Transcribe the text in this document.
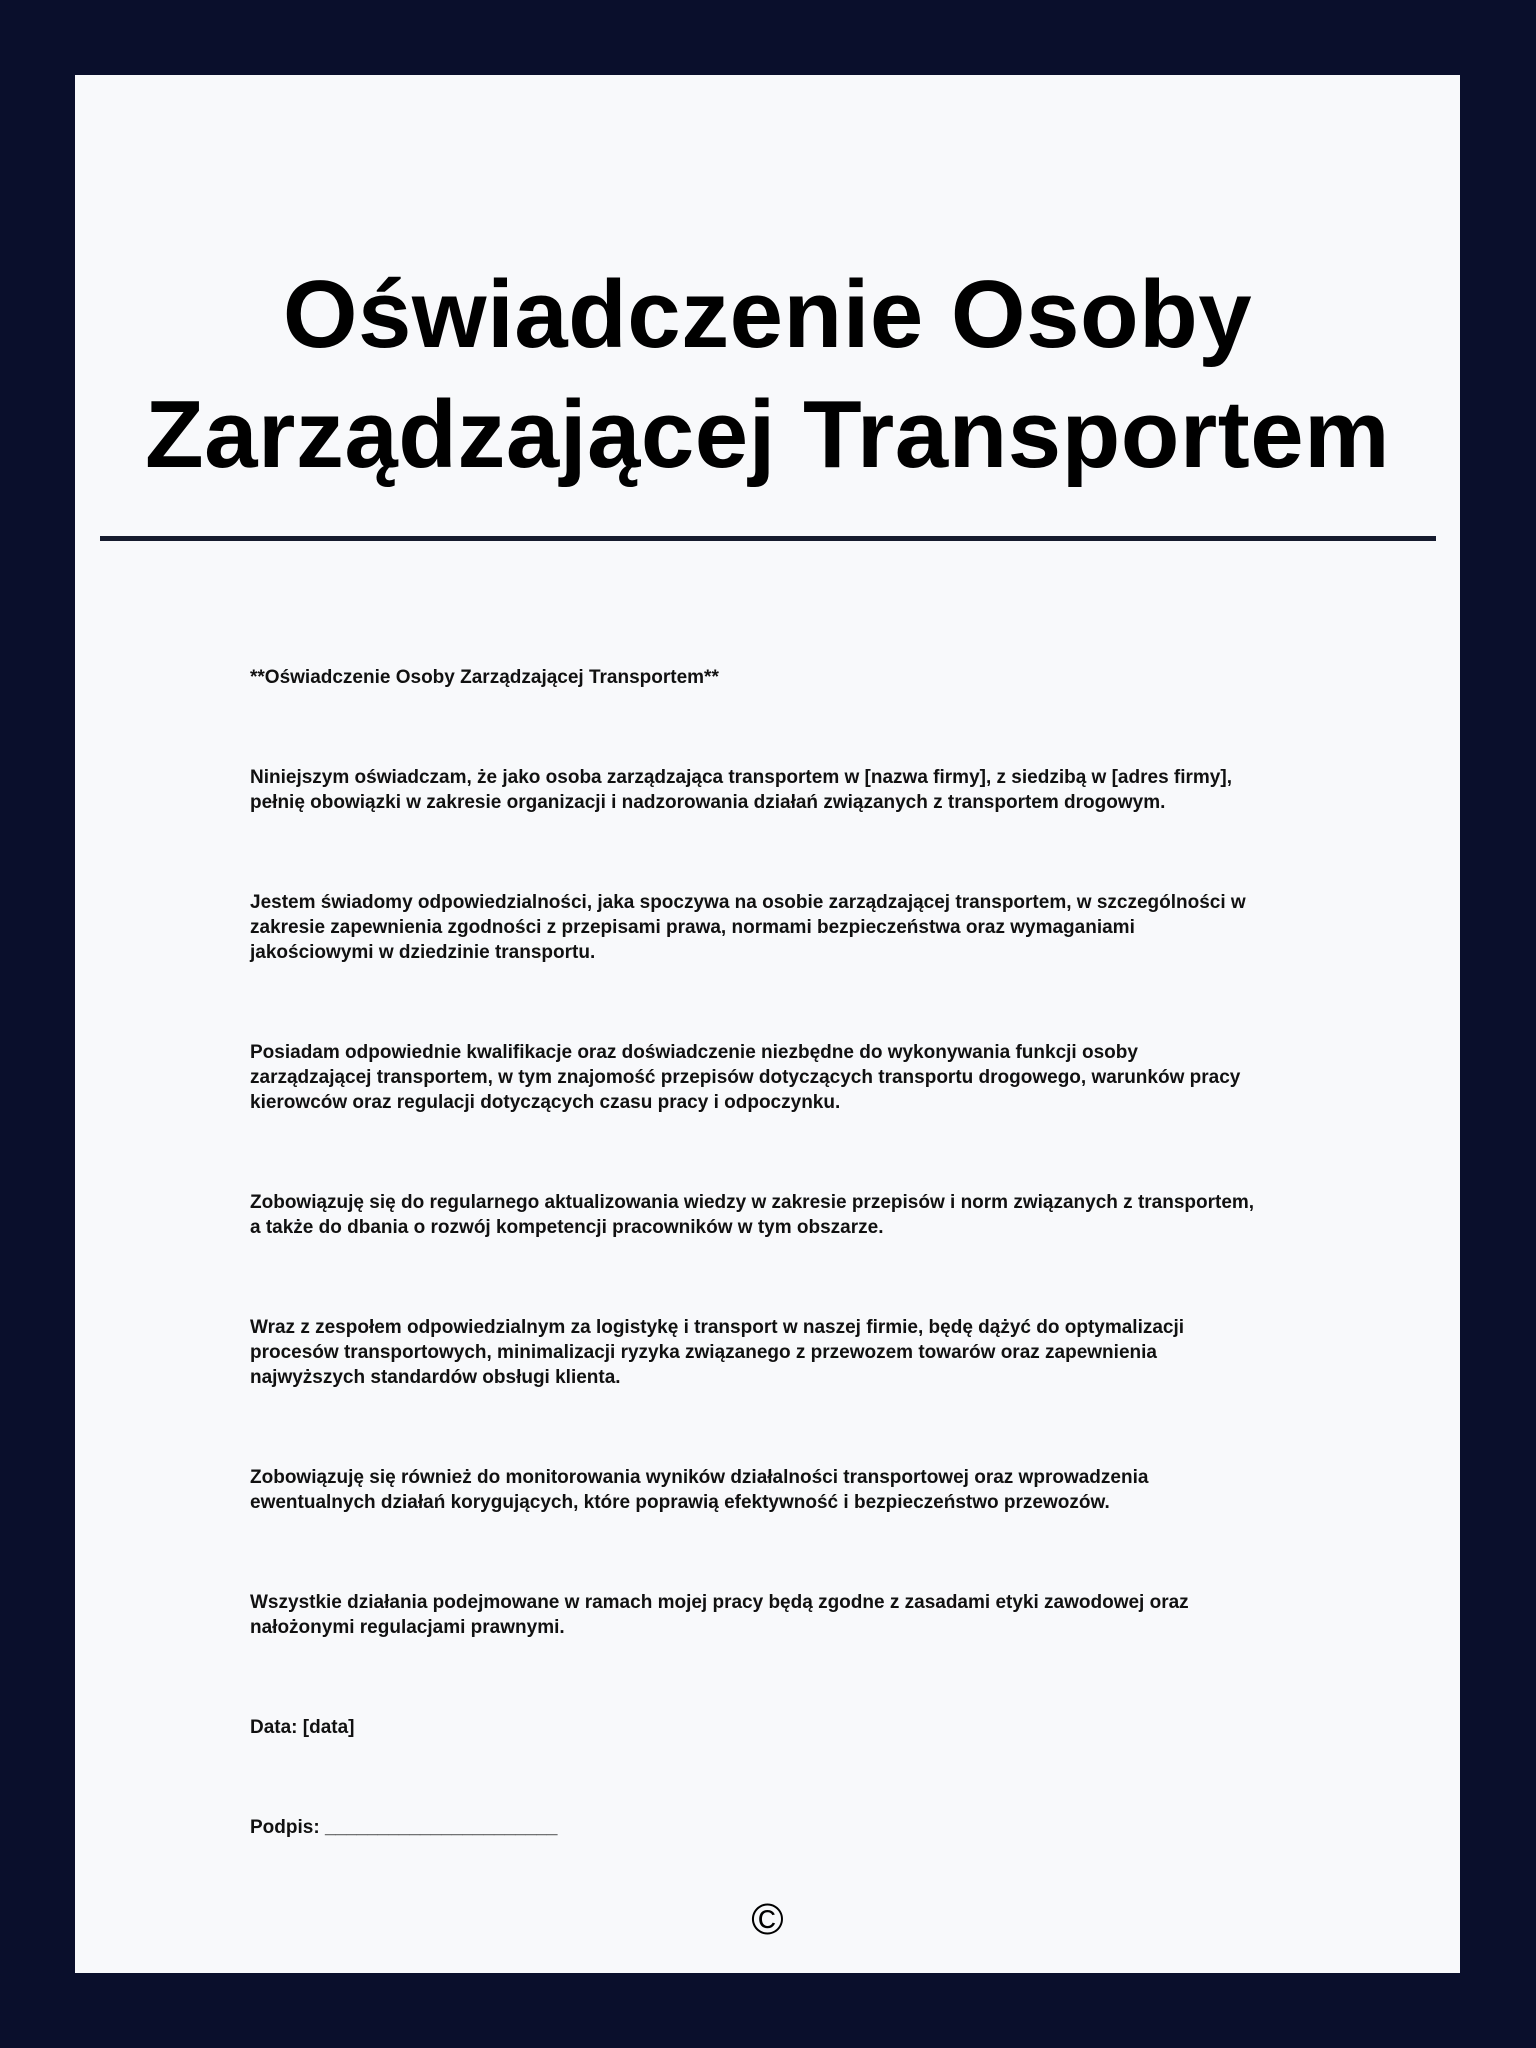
Oświadczenie Osoby Zarządzającej Transportem

**Oświadczenie Osoby Zarządzającej Transportem**

Niniejszym oświadczam, że jako osoba zarządzająca transportem w [nazwa firmy], z siedzibą w [adres firmy], pełnię obowiązki w zakresie organizacji i nadzorowania działań związanych z transportem drogowym.

Jestem świadomy odpowiedzialności, jaka spoczywa na osobie zarządzającej transportem, w szczególności w zakresie zapewnienia zgodności z przepisami prawa, normami bezpieczeństwa oraz wymaganiami jakościowymi w dziedzinie transportu.

Posiadam odpowiednie kwalifikacje oraz doświadczenie niezbędne do wykonywania funkcji osoby zarządzającej transportem, w tym znajomość przepisów dotyczących transportu drogowego, warunków pracy kierowców oraz regulacji dotyczących czasu pracy i odpoczynku.

Zobowiązuję się do regularnego aktualizowania wiedzy w zakresie przepisów i norm związanych z transportem, a także do dbania o rozwój kompetencji pracowników w tym obszarze.

Wraz z zespołem odpowiedzialnym za logistykę i transport w naszej firmie, będę dążyć do optymalizacji procesów transportowych, minimalizacji ryzyka związanego z przewozem towarów oraz zapewnienia najwyższych standardów obsługi klienta.

Zobowiązuję się również do monitorowania wyników działalności transportowej oraz wprowadzenia ewentualnych działań korygujących, które poprawią efektywność i bezpieczeństwo przewozów.

Wszystkie działania podejmowane w ramach mojej pracy będą zgodne z zasadami etyki zawodowej oraz nałożonymi regulacjami prawnymi.

Data: [data]

Podpis: ______________________

©
